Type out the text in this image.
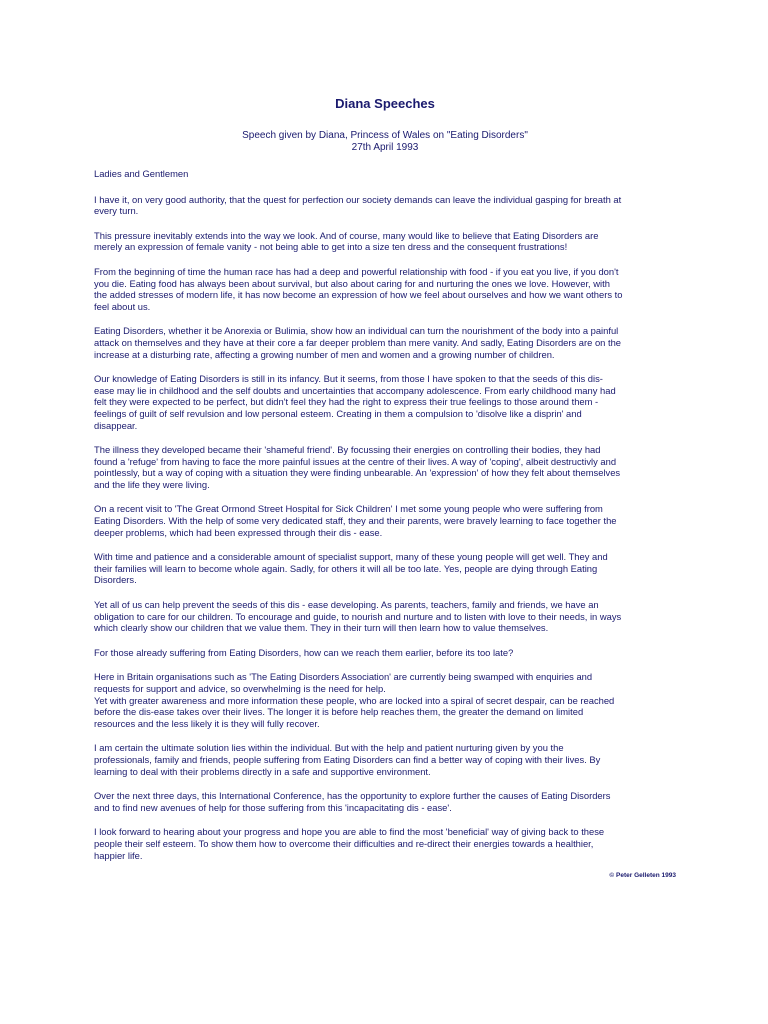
Diana Speeches
Speech given by Diana, Princess of Wales on "Eating Disorders"
27th April 1993
Ladies and Gentlemen
I have it, on very good authority, that the quest for perfection our society demands can leave the individual gasping for breath at
every turn.
This pressure inevitably extends into the way we look. And of course, many would like to believe that Eating Disorders are
merely an expression of female vanity - not being able to get into a size ten dress and the consequent frustrations!
From the beginning of time the human race has had a deep and powerful relationship with food - if you eat you live, if you don't
you die. Eating food has always been about survival, but also about caring for and nurturing the ones we love. However, with
the added stresses of modern life, it has now become an expression of how we feel about ourselves and how we want others to
feel about us.
Eating Disorders, whether it be Anorexia or Bulimia, show how an individual can turn the nourishment of the body into a painful
attack on themselves and they have at their core a far deeper problem than mere vanity. And sadly, Eating Disorders are on the
increase at a disturbing rate, affecting a growing number of men and women and a growing number of children.
Our knowledge of Eating Disorders is still in its infancy. But it seems, from those I have spoken to that the seeds of this dis-
ease may lie in childhood and the self doubts and uncertainties that accompany adolescence. From early childhood many had
felt they were expected to be perfect, but didn't feel they had the right to express their true feelings to those around them -
feelings of guilt of self revulsion and low personal esteem. Creating in them a compulsion to 'disolve like a disprin' and
disappear.
The illness they developed became their 'shameful friend'. By focussing their energies on controlling their bodies, they had
found a 'refuge' from having to face the more painful issues at the centre of their lives. A way of 'coping', albeit destructivly and
pointlessly, but a way of coping with a situation they were finding unbearable. An 'expression' of how they felt about themselves
and the life they were living.
On a recent visit to 'The Great Ormond Street Hospital for Sick Children' I met some young people who were suffering from
Eating Disorders. With the help of some very dedicated staff, they and their parents, were bravely learning to face together the
deeper problems, which had been expressed through their dis - ease.
With time and patience and a considerable amount of specialist support, many of these young people will get well. They and
their families will learn to become whole again. Sadly, for others it will all be too late. Yes, people are dying through Eating
Disorders.
Yet all of us can help prevent the seeds of this dis - ease developing. As parents, teachers, family and friends, we have an
obligation to care for our children. To encourage and guide, to nourish and nurture and to listen with love to their needs, in ways
which clearly show our children that we value them. They in their turn will then learn how to value themselves.
For those already suffering from Eating Disorders, how can we reach them earlier, before its too late?
Here in Britain organisations such as 'The Eating Disorders Association' are currently being swamped with enquiries and
requests for support and advice, so overwhelming is the need for help.
Yet with greater awareness and more information these people, who are locked into a spiral of secret despair, can be reached
before the dis-ease takes over their lives. The longer it is before help reaches them, the greater the demand on limited
resources and the less likely it is they will fully recover.
I am certain the ultimate solution lies within the individual. But with the help and patient nurturing given by you the
professionals, family and friends, people suffering from Eating Disorders can find a better way of coping with their lives. By
learning to deal with their problems directly in a safe and supportive environment.
Over the next three days, this International Conference, has the opportunity to explore further the causes of Eating Disorders
and to find new avenues of help for those suffering from this 'incapacitating dis - ease'.
I look forward to hearing about your progress and hope you are able to find the most 'beneficial' way of giving back to these
people their self esteem. To show them how to overcome their difficulties and re-direct their energies towards a healthier,
happier life.
© Peter Gelleten 1993
